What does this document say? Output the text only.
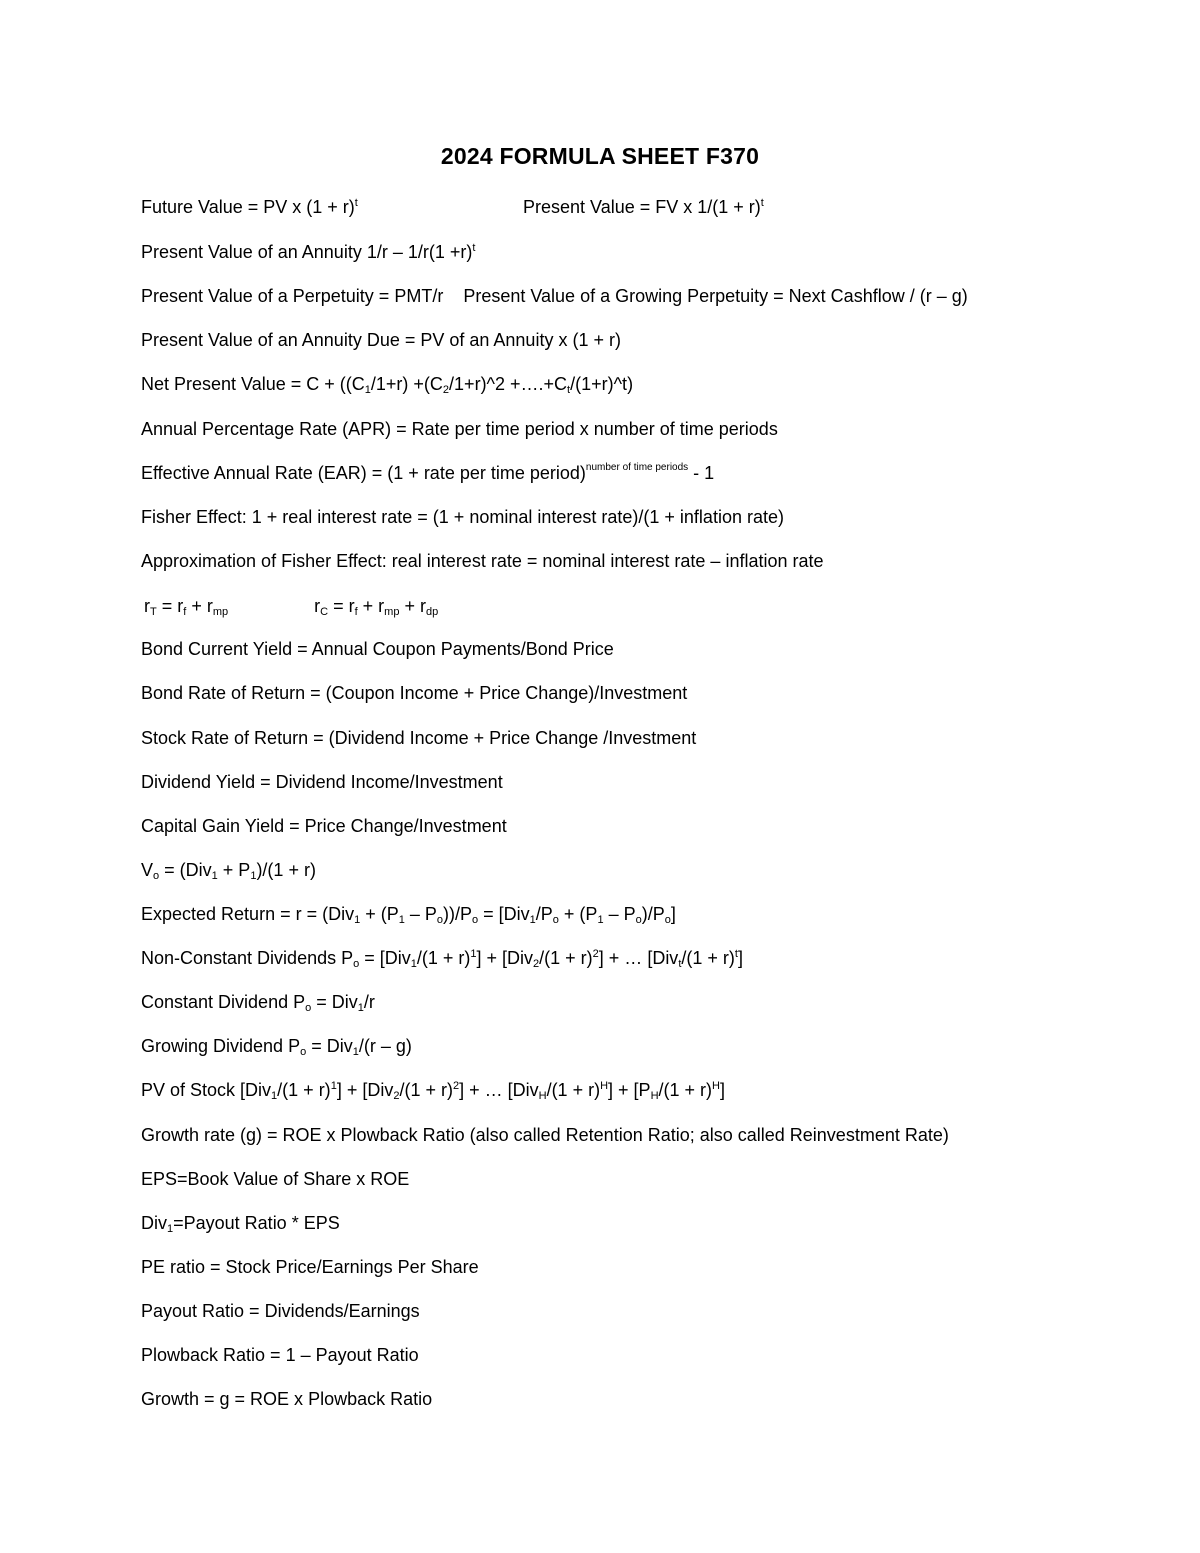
2024 FORMULA SHEET F370
Future Value = PV x $(1 + r)^t$	Present Value = FV x $1/(1 + r)^t$
Present Value of an Annuity $1/r - 1/r(1 +r)^t$
Present Value of a Perpetuity = PMT/r Present Value of a Growing Perpetuity = Next Cashflow / (r – g)
Present Value of an Annuity Due = PV of an Annuity x (1 + r)
Net Present Value = $C + ((C_1/1+r)$ $+(C_2/1+r)\^{}2$ $+\dots.+C_t/(1+r)\^{}t$)
Annual Percentage Rate (APR) = Rate per time period x number of time periods
Effective Annual Rate (EAR) = (1 + rate per time period)$^{number of time periods}$ - 1
Fisher Effect: 1 + real interest rate = (1 + nominal interest rate)/(1 + inflation rate)
Approximation of Fisher Effect: real interest rate = nominal interest rate – inflation rate
$r_T = r_f + r_{mp}$	$r_C = r_f + r_{mp} + r_{dp}$
Bond Current Yield = Annual Coupon Payments/Bond Price
Bond Rate of Return = (Coupon Income + Price Change)/Investment
Stock Rate of Return = (Dividend Income + Price Change /Investment
Dividend Yield = Dividend Income/Investment
Capital Gain Yield = Price Change/Investment
$V_o = (Div_1 + P_1)/(1 + r)$
Expected Return = $r = (Div_1 + (P_1 - P_o))/P_o = [Div_1/P_o + (P_1 - P_o)/P_o]$
Non-Constant Dividends $P_o = [Div_1/(1 + r)^1] + [Div_2/(1 + r)^2]$ + … $[Div_t/(1 + r)^t]$
Constant Dividend $P_o = Div_1/r$
Growing Dividend $P_o = Div_1/(r - g)$
PV of Stock $[Div_1/(1 + r)^1] + [Div_2/(1 + r)^2]$ + … $[Div_H/(1 + r)^H] + [P_H/(1 + r)^H]$
Growth rate (g) = ROE x Plowback Ratio (also called Retention Ratio; also called Reinvestment Rate)
EPS=Book Value of Share x ROE
Div$_1$=Payout Ratio * EPS
PE ratio = Stock Price/Earnings Per Share
Payout Ratio = Dividends/Earnings
Plowback Ratio = 1 – Payout Ratio
Growth = g = ROE x Plowback Ratio
